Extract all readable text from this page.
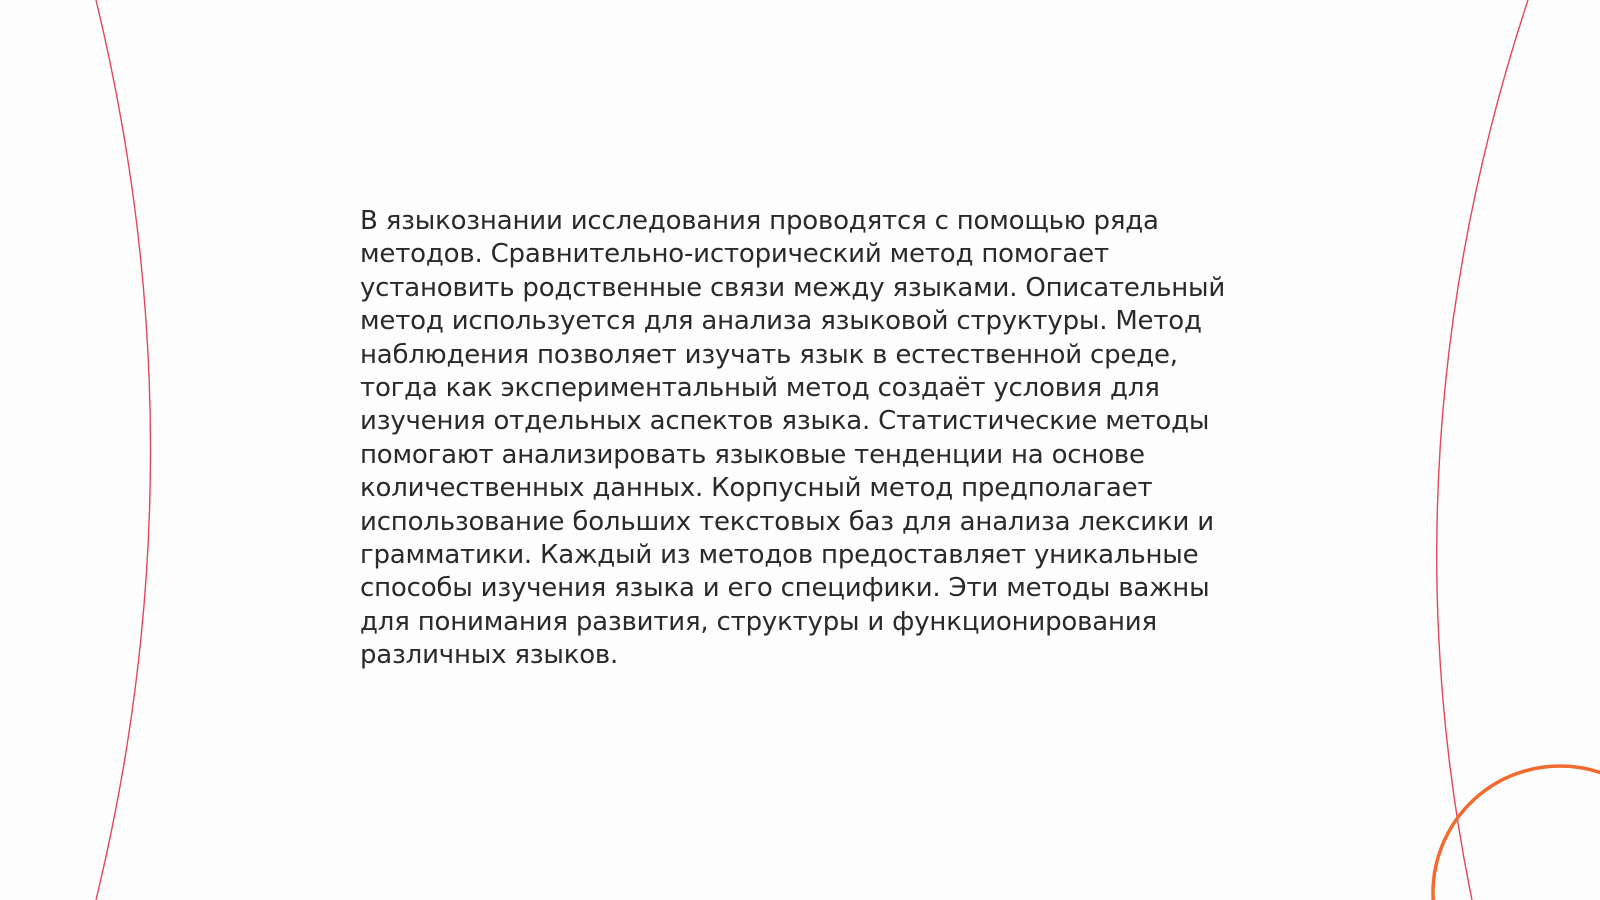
В языкознании исследования проводятся с помощью ряда методов. Сравнительно-исторический метод помогает установить родственные связи между языками. Описательный метод используется для анализа языковой структуры. Метод наблюдения позволяет изучать язык в естественной среде, тогда как экспериментальный метод создаёт условия для изучения отдельных аспектов языка. Статистические методы помогают анализировать языковые тенденции на основе количественных данных. Корпусный метод предполагает использование больших текстовых баз для анализа лексики и грамматики. Каждый из методов предоставляет уникальные способы изучения языка и его специфики. Эти методы важны для понимания развития, структуры и функционирования различных языков.
